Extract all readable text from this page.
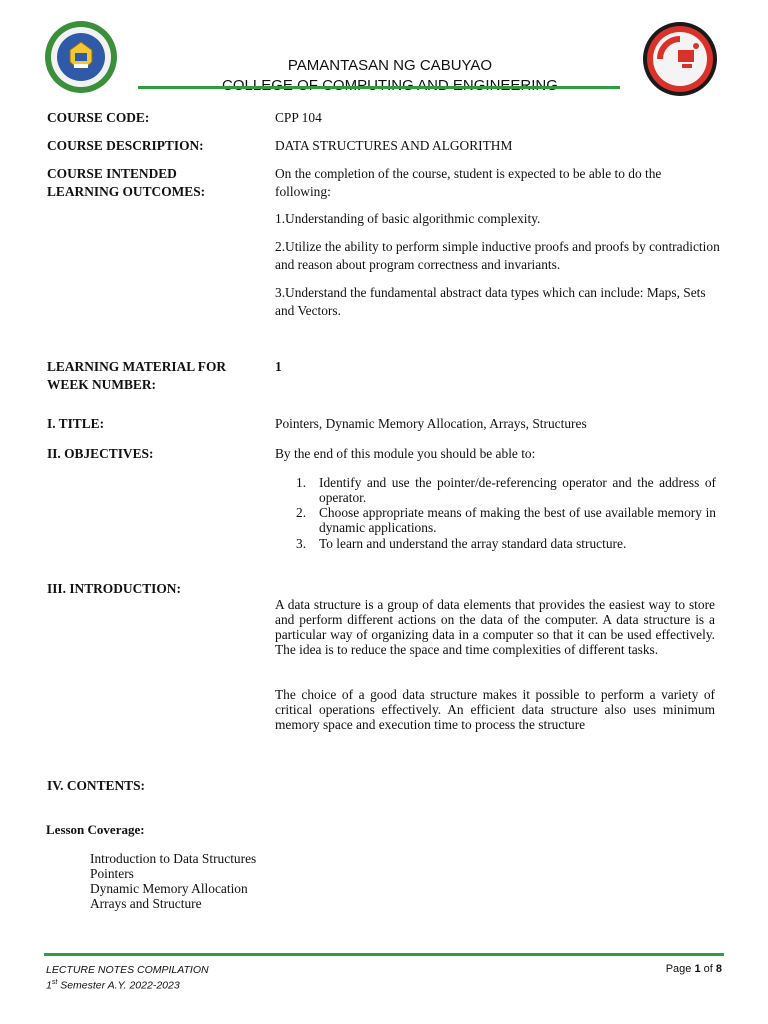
PAMANTASAN NG CABUYAO
COURSE CODE:	CPP 104
COURSE DESCRIPTION:	DATA STRUCTURES AND ALGORITHM
COURSE INTENDED
LEARNING OUTCOMES:
On the completion of the course, student is expected to be able to do the following:
1.Understanding of basic algorithmic complexity.
2.Utilize the ability to perform simple inductive proofs and proofs by contradiction and reason about program correctness and invariants.
3.Understand the fundamental abstract data types which can include: Maps, Sets and Vectors.
LEARNING MATERIAL FOR
WEEK NUMBER:
1
I. TITLE:	Pointers, Dynamic Memory Allocation, Arrays, Structures
II. OBJECTIVES:	By the end of this module you should be able to:
1. Identify and use the pointer/de-referencing operator and the address of operator.
2. Choose appropriate means of making the best of use available memory in dynamic applications.
3. To learn and understand the array standard data structure.
III. INTRODUCTION:
A data structure is a group of data elements that provides the easiest way to store and perform different actions on the data of the computer. A data structure is a particular way of organizing data in a computer so that it can be used effectively. The idea is to reduce the space and time complexities of different tasks.
The choice of a good data structure makes it possible to perform a variety of critical operations effectively. An efficient data structure also uses minimum memory space and execution time to process the structure
IV. CONTENTS:
Lesson Coverage:
Introduction to Data Structures
Pointers
Dynamic Memory Allocation
Arrays and Structure
LECTURE NOTES COMPILATION
1st Semester A.Y. 2022-2023
Page 1 of 8
